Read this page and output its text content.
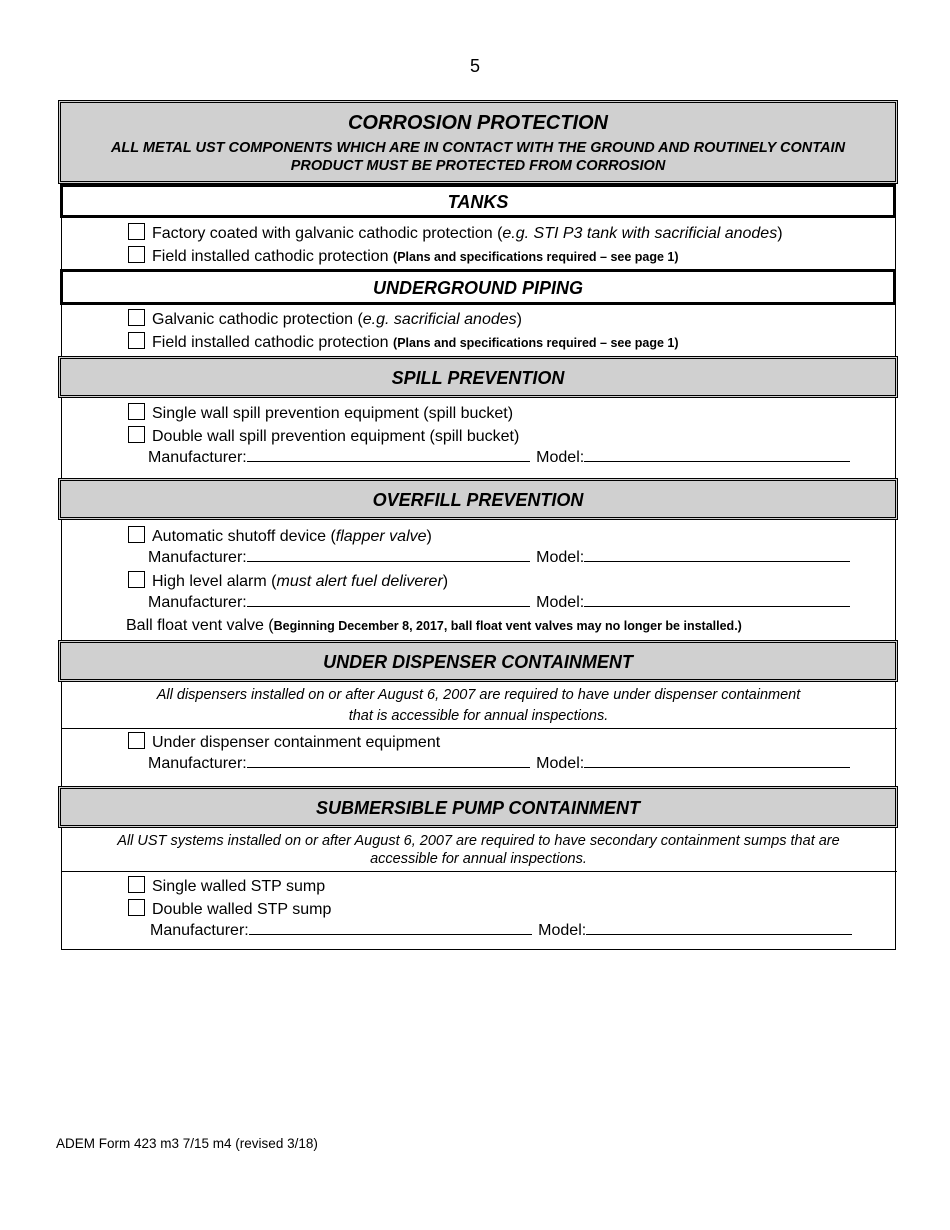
5
CORROSION PROTECTION
ALL METAL UST COMPONENTS WHICH ARE IN CONTACT WITH THE GROUND AND ROUTINELY CONTAIN
PRODUCT MUST BE PROTECTED FROM CORROSION
TANKS
Factory coated with galvanic cathodic protection (e.g. STI P3 tank with sacrificial anodes)
Field installed cathodic protection (Plans and specifications required – see page 1)
UNDERGROUND PIPING
Galvanic cathodic protection (e.g. sacrificial anodes)
Field installed cathodic protection (Plans and specifications required – see page 1)
SPILL PREVENTION
Single wall spill prevention equipment (spill bucket)
Double wall spill prevention equipment (spill bucket)
Manufacturer:	Model:
OVERFILL PREVENTION
Automatic shutoff device (flapper valve)
Manufacturer:	Model:
High level alarm (must alert fuel deliverer)
Manufacturer:	Model:
Ball float vent valve (Beginning December 8, 2017, ball float vent valves may no longer be installed.)
UNDER DISPENSER CONTAINMENT
All dispensers installed on or after August 6, 2007 are required to have under dispenser containment
that is accessible for annual inspections.
Under dispenser containment equipment
Manufacturer:	Model:
SUBMERSIBLE PUMP CONTAINMENT
All UST systems installed on or after August 6, 2007 are required to have secondary containment sumps that are
accessible for annual inspections.
Single walled STP sump
Double walled STP sump
Manufacturer:	Model:
ADEM Form 423 m3 7/15 m4 (revised 3/18)
